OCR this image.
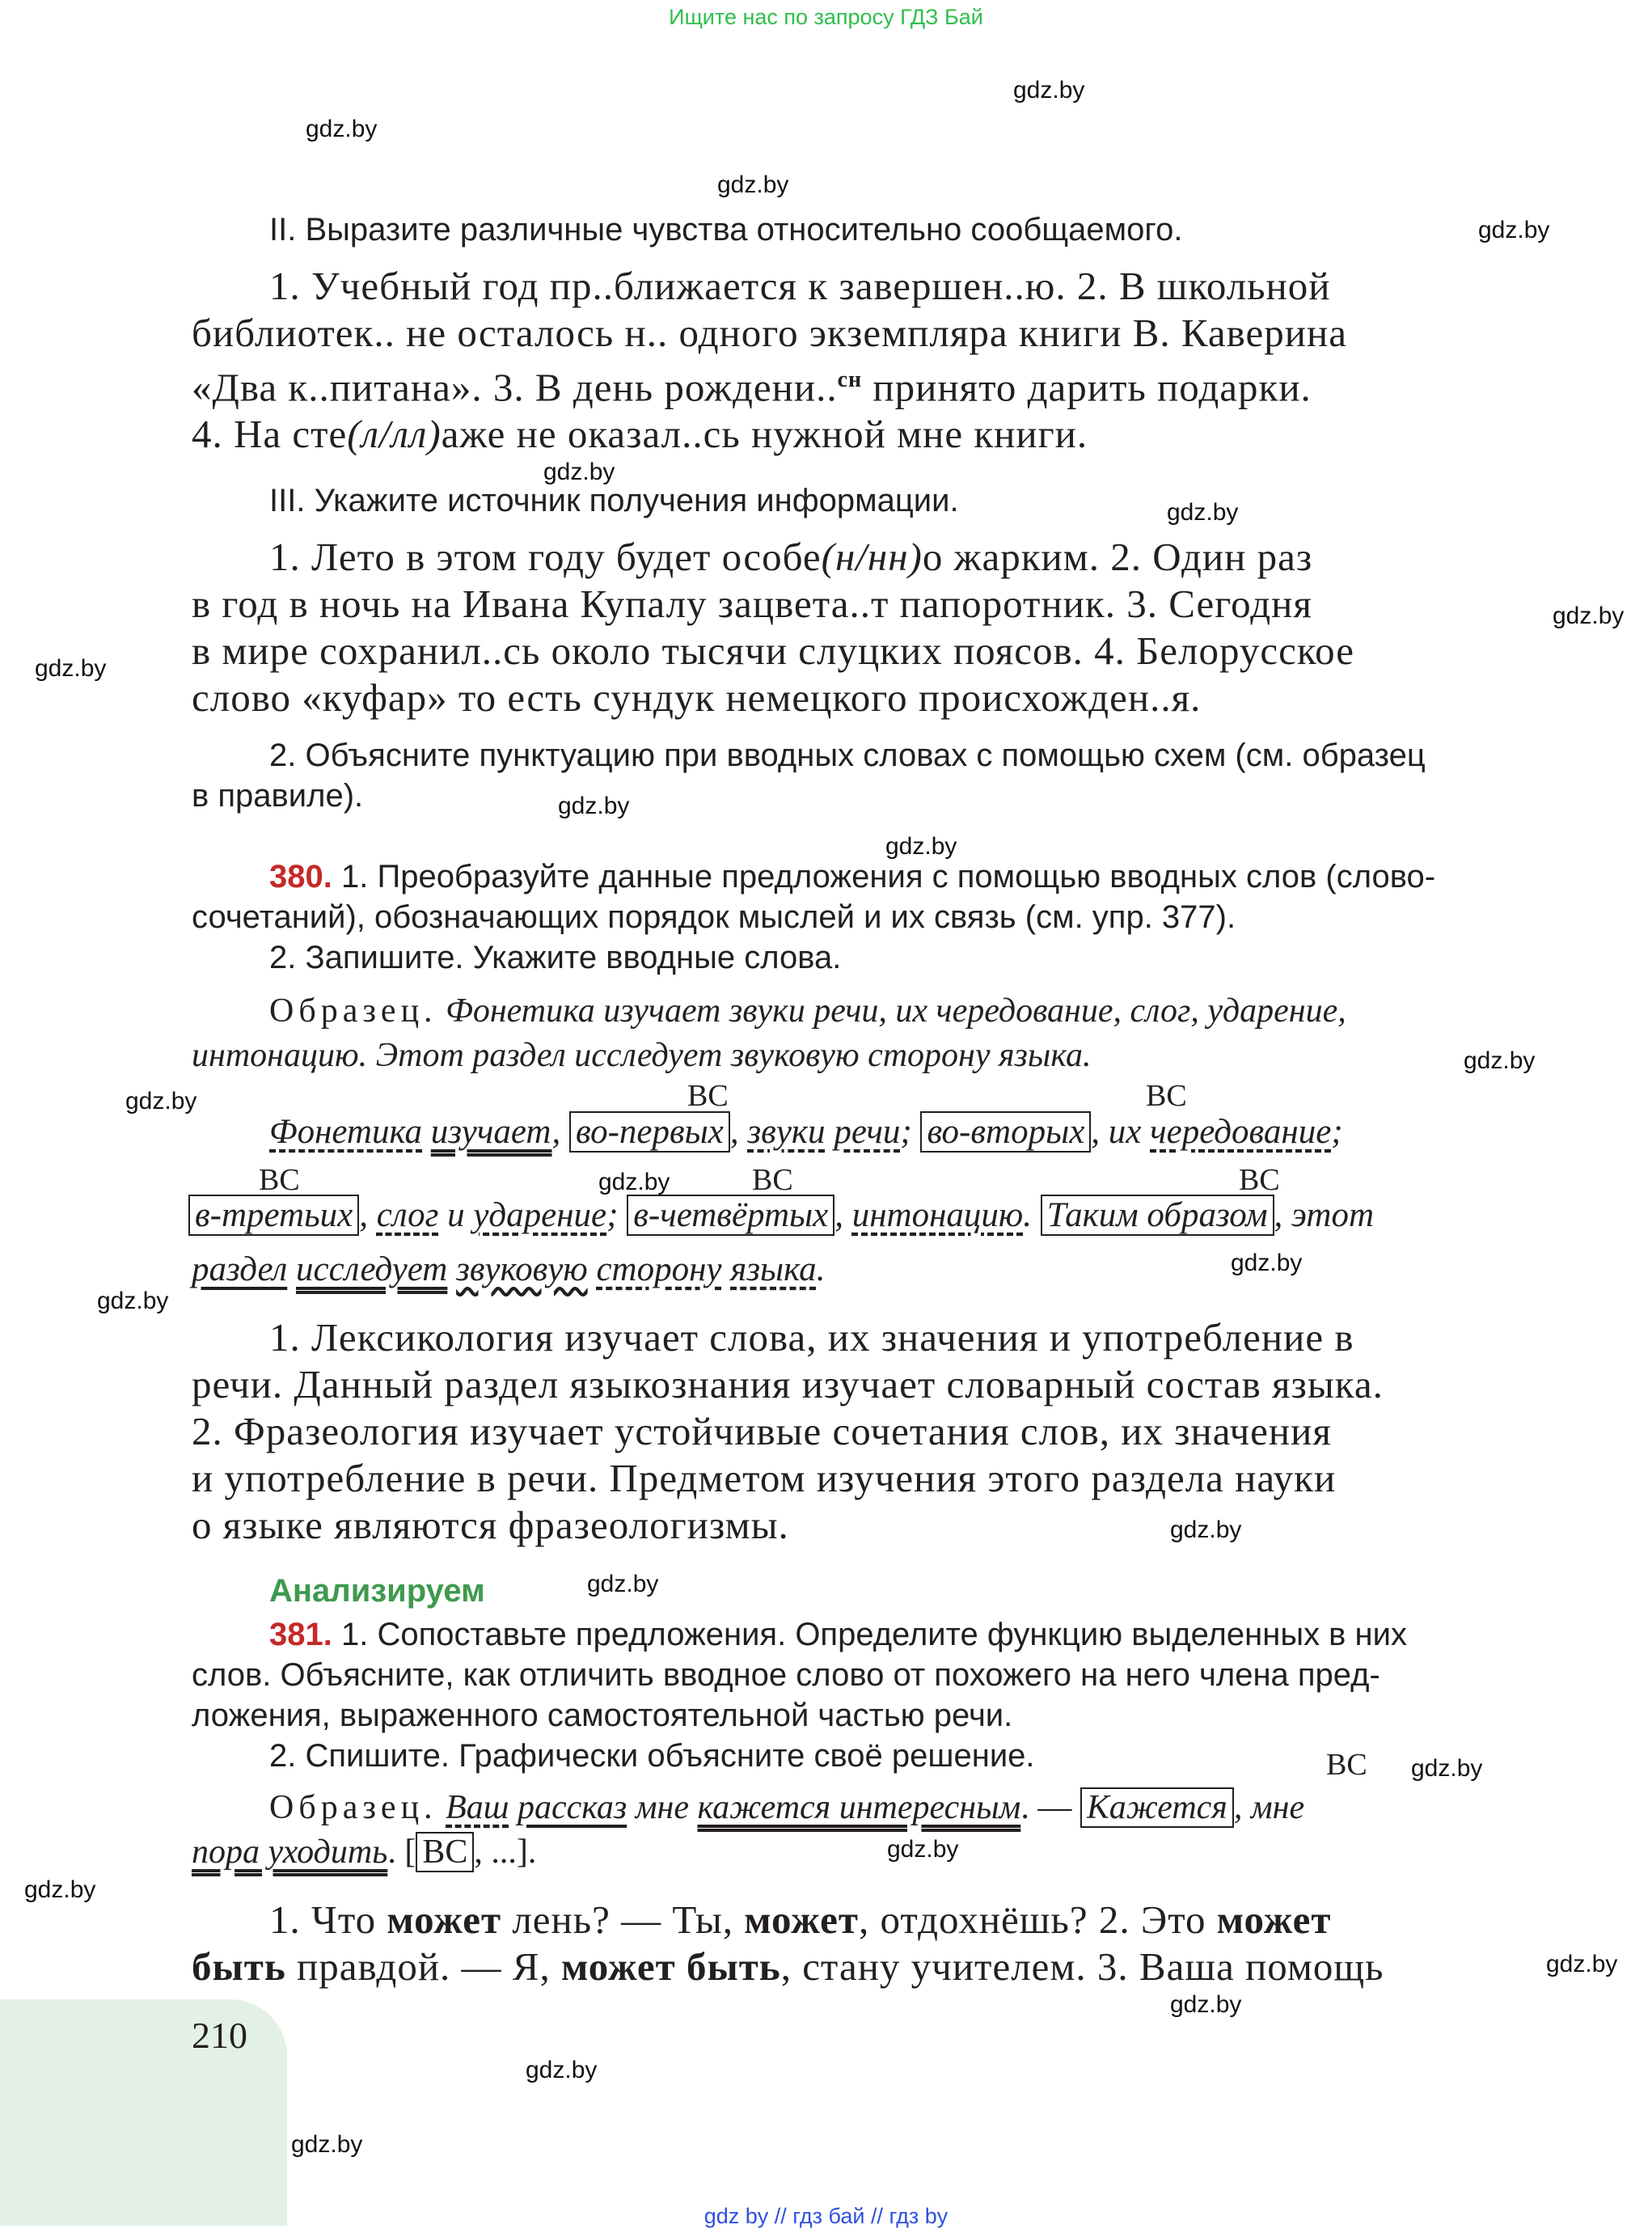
Ищите нас по запросу ГДЗ Бай
gdz.by
gdz.by
gdz.by
gdz.by
gdz.by
gdz.by
gdz.by
gdz.by
gdz.by
gdz.by
gdz.by
gdz.by
gdz.by
gdz.by
gdz.by
gdz.by
gdz.by
gdz.by
gdz.by
gdz.by
gdz.by
gdz.by
gdz.by
gdz.by
II. Выразите различные чувства относительно сообщаемого.
1. Учебный год пр..ближается к завершен..ю. 2. В школьной
библиотек.. не осталось н.. одного экземпляра книги В. Каверина
«Два к..питана». 3. В день рождени..$^{сн}$ принято дарить подарки.
4. На сте(л/лл)аже не оказал..сь нужной мне книги.
III. Укажите источник получения информации.
1. Лето в этом году будет особе(н/нн)о жарким. 2. Один раз
в год в ночь на Ивана Купалу зацвета..т папоротник. 3. Сегодня
в мире сохранил..сь около тысячи слуцких поясов. 4. Белорусское
слово «куфар» то есть сундук немецкого происхожден..я.
2. Объясните пунктуацию при вводных словах с помощью схем (см. образец
в правиле).
380. 1. Преобразуйте данные предложения с помощью вводных слов (слово-
сочетаний), обозначающих порядок мыслей и их связь (см. упр. 377).
2. Запишите. Укажите вводные слова.
Образец. Фонетика изучает звуки речи, их чередование, слог, ударение,
интонацию. Этот раздел исследует звуковую сторону языка.
ВС	ВС
ВС	ВС	ВС
Фонетика изучает, во-первых , звуки речи; во-вторых , их чередование;
в-третьих , слог и ударение; в-четвёртых , интонацию. Таким образом , этот
раздел исследует звуковую сторону языка.
1. Лексикология изучает слова, их значения и употребление в
речи. Данный раздел языкознания изучает словарный состав языка.
2. Фразеология изучает устойчивые сочетания слов, их значения
и употребление в речи. Предметом изучения этого раздела науки
о языке являются фразеологизмы.
Анализируем
381. 1. Сопоставьте предложения. Определите функцию выделенных в них
слов. Объясните, как отличить вводное слово от похожего на него члена пред-
ложения, выраженного самостоятельной частью речи.
2. Спишите. Графически объясните своё решение.	ВС
Образец. Ваш рассказ мне кажется интересным. — Кажется , мне
пора уходить. [ ВС , ...].
1. Что может лень? — Ты, может, отдохнёшь? 2. Это может
быть правдой. — Я, может быть, стану учителем. 3. Ваша помощь
210
gdz by // гдз бай // гдз by
